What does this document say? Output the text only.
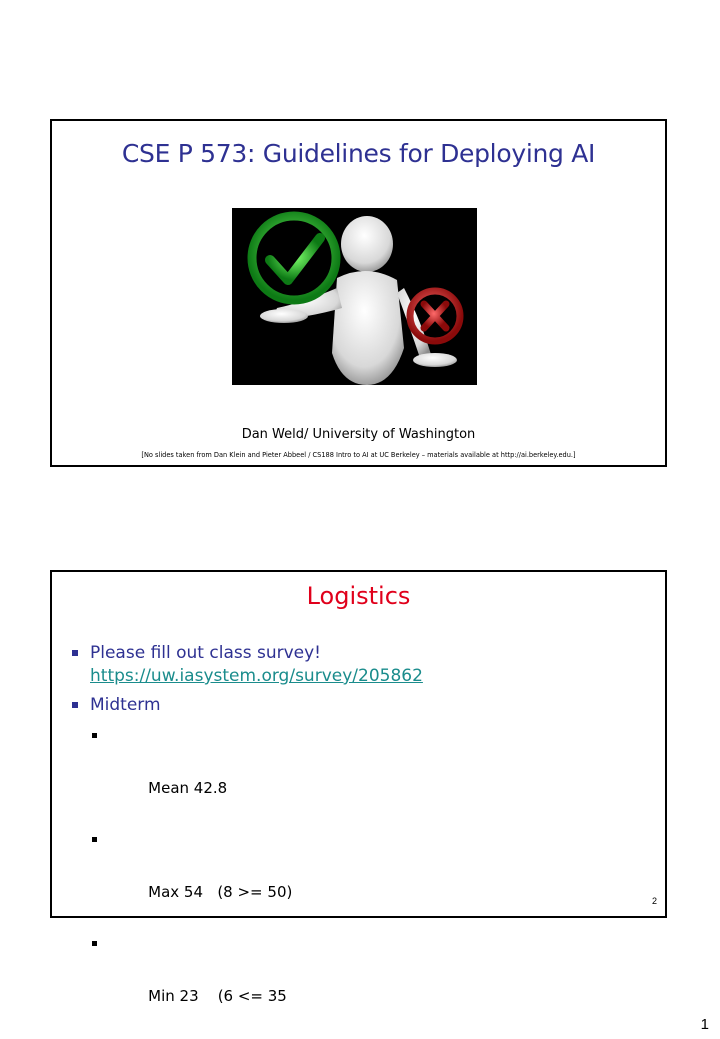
CSE P 573: Guidelines for Deploying AI
Dan Weld/ University of Washington
[No slides taken from Dan Klein and Pieter Abbeel / CS188 Intro to AI at UC Berkeley – materials available at http://ai.berkeley.edu.]
Logistics
Please fill out class survey!
https://uw.iasystem.org/survey/205862
Midterm

Mean 42.8

Max 54   (8 >= 50)

Min 23    (6 <= 35

2
1
